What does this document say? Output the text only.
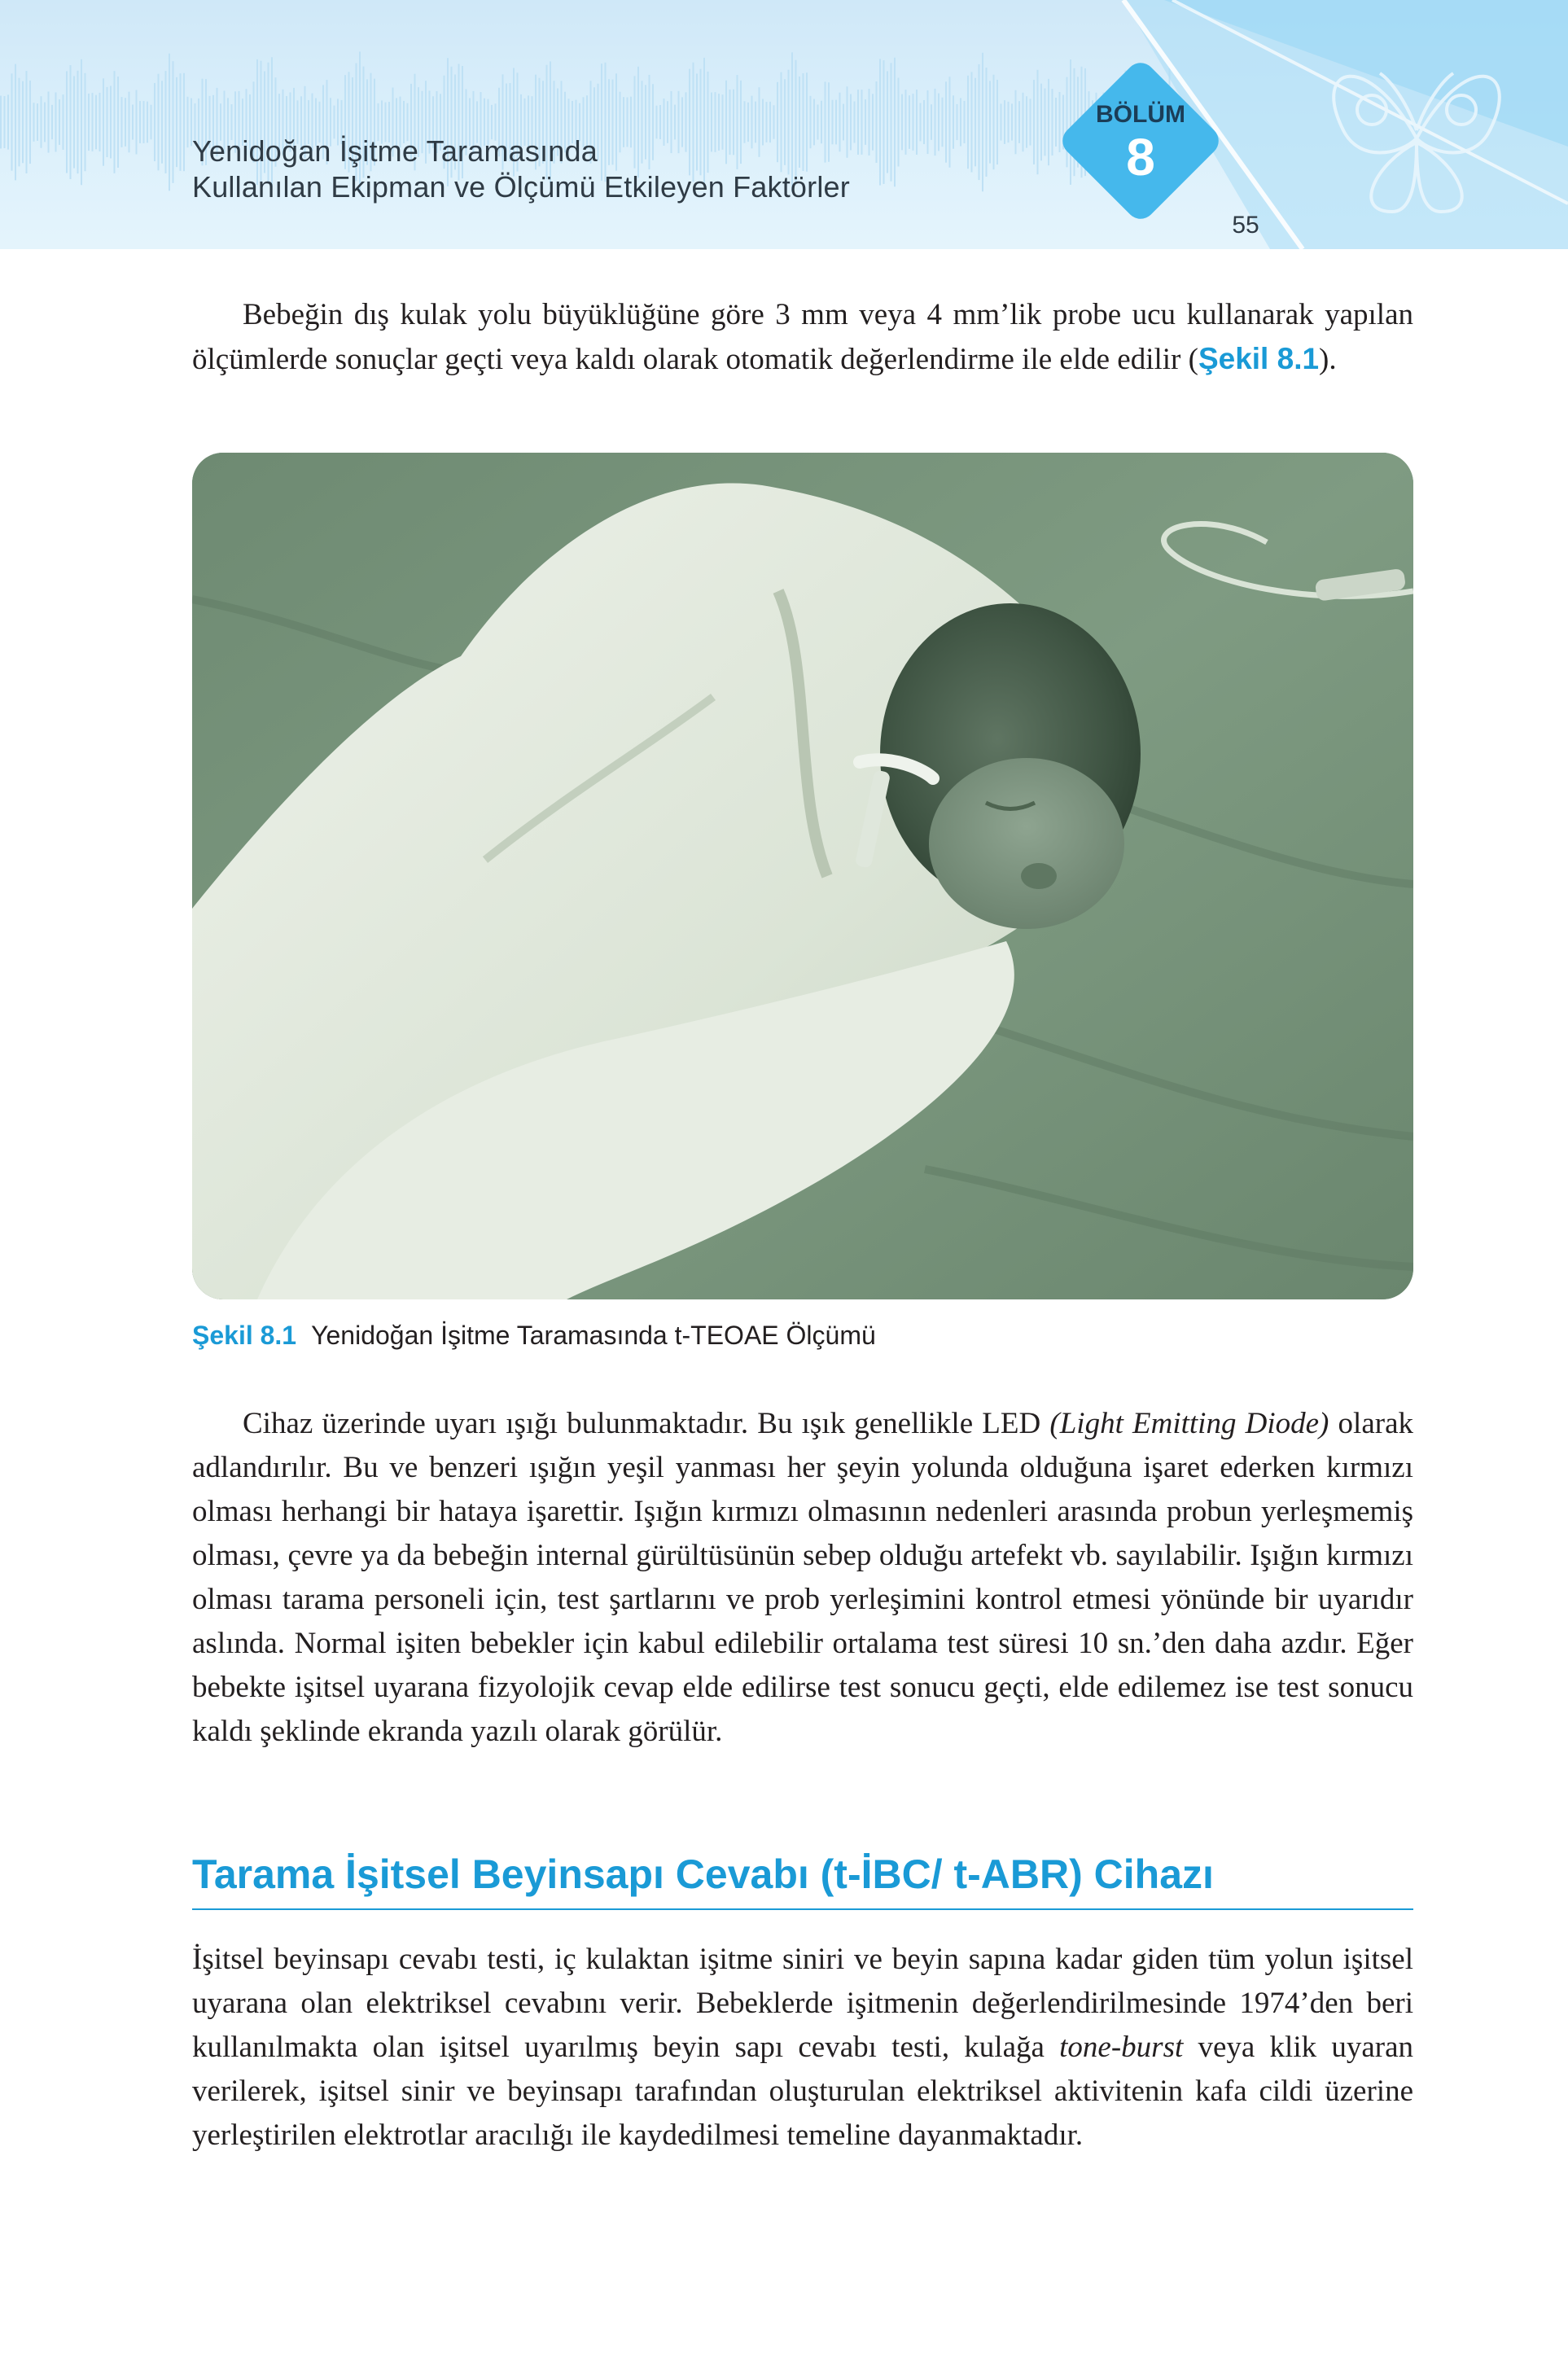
Yenidoğan İşitme Taramasında
Kullanılan Ekipman ve Ölçümü Etkileyen Faktörler
BÖLÜM
8
55
Bebeğin dış kulak yolu büyüklüğüne göre 3 mm veya 4 mm’lik probe ucu kullanarak yapılan ölçümlerde sonuçlar geçti veya kaldı olarak otomatik değerlendirme ile elde edilir (Şekil 8.1).
Şekil 8.1 Yenidoğan İşitme Taramasında t-TEOAE Ölçümü
Cihaz üzerinde uyarı ışığı bulunmaktadır. Bu ışık genellikle LED (Light Emitting Diode) olarak adlandırılır. Bu ve benzeri ışığın yeşil yanması her şeyin yolunda olduğuna işaret ederken kırmızı olması herhangi bir hataya işarettir. Işığın kırmızı olmasının nedenleri arasında probun yerleşmemiş olması, çevre ya da bebeğin internal gürültüsünün sebep olduğu artefekt vb. sayılabilir. Işığın kırmızı olması tarama personeli için, test şartlarını ve prob yerleşimini kontrol etmesi yönünde bir uyarıdır aslında. Normal işiten bebekler için kabul edilebilir ortalama test süresi 10 sn.’den daha azdır. Eğer bebekte işitsel uyarana fizyolojik cevap elde edilirse test sonucu geçti, elde edilemez ise test sonucu kaldı şeklinde ekranda yazılı olarak görülür.
Tarama İşitsel Beyinsapı Cevabı (t-İBC/ t-ABR) Cihazı
İşitsel beyinsapı cevabı testi, iç kulaktan işitme siniri ve beyin sapına kadar giden tüm yolun işitsel uyarana olan elektriksel cevabını verir. Bebeklerde işitmenin değerlendirilmesinde 1974’den beri kullanılmakta olan işitsel uyarılmış beyin sapı cevabı testi, kulağa tone-burst veya klik uyaran verilerek, işitsel sinir ve beyinsapı tarafından oluşturulan elektriksel aktivitenin kafa cildi üzerine yerleştirilen elektrotlar aracılığı ile kaydedilmesi temeline dayanmaktadır.
